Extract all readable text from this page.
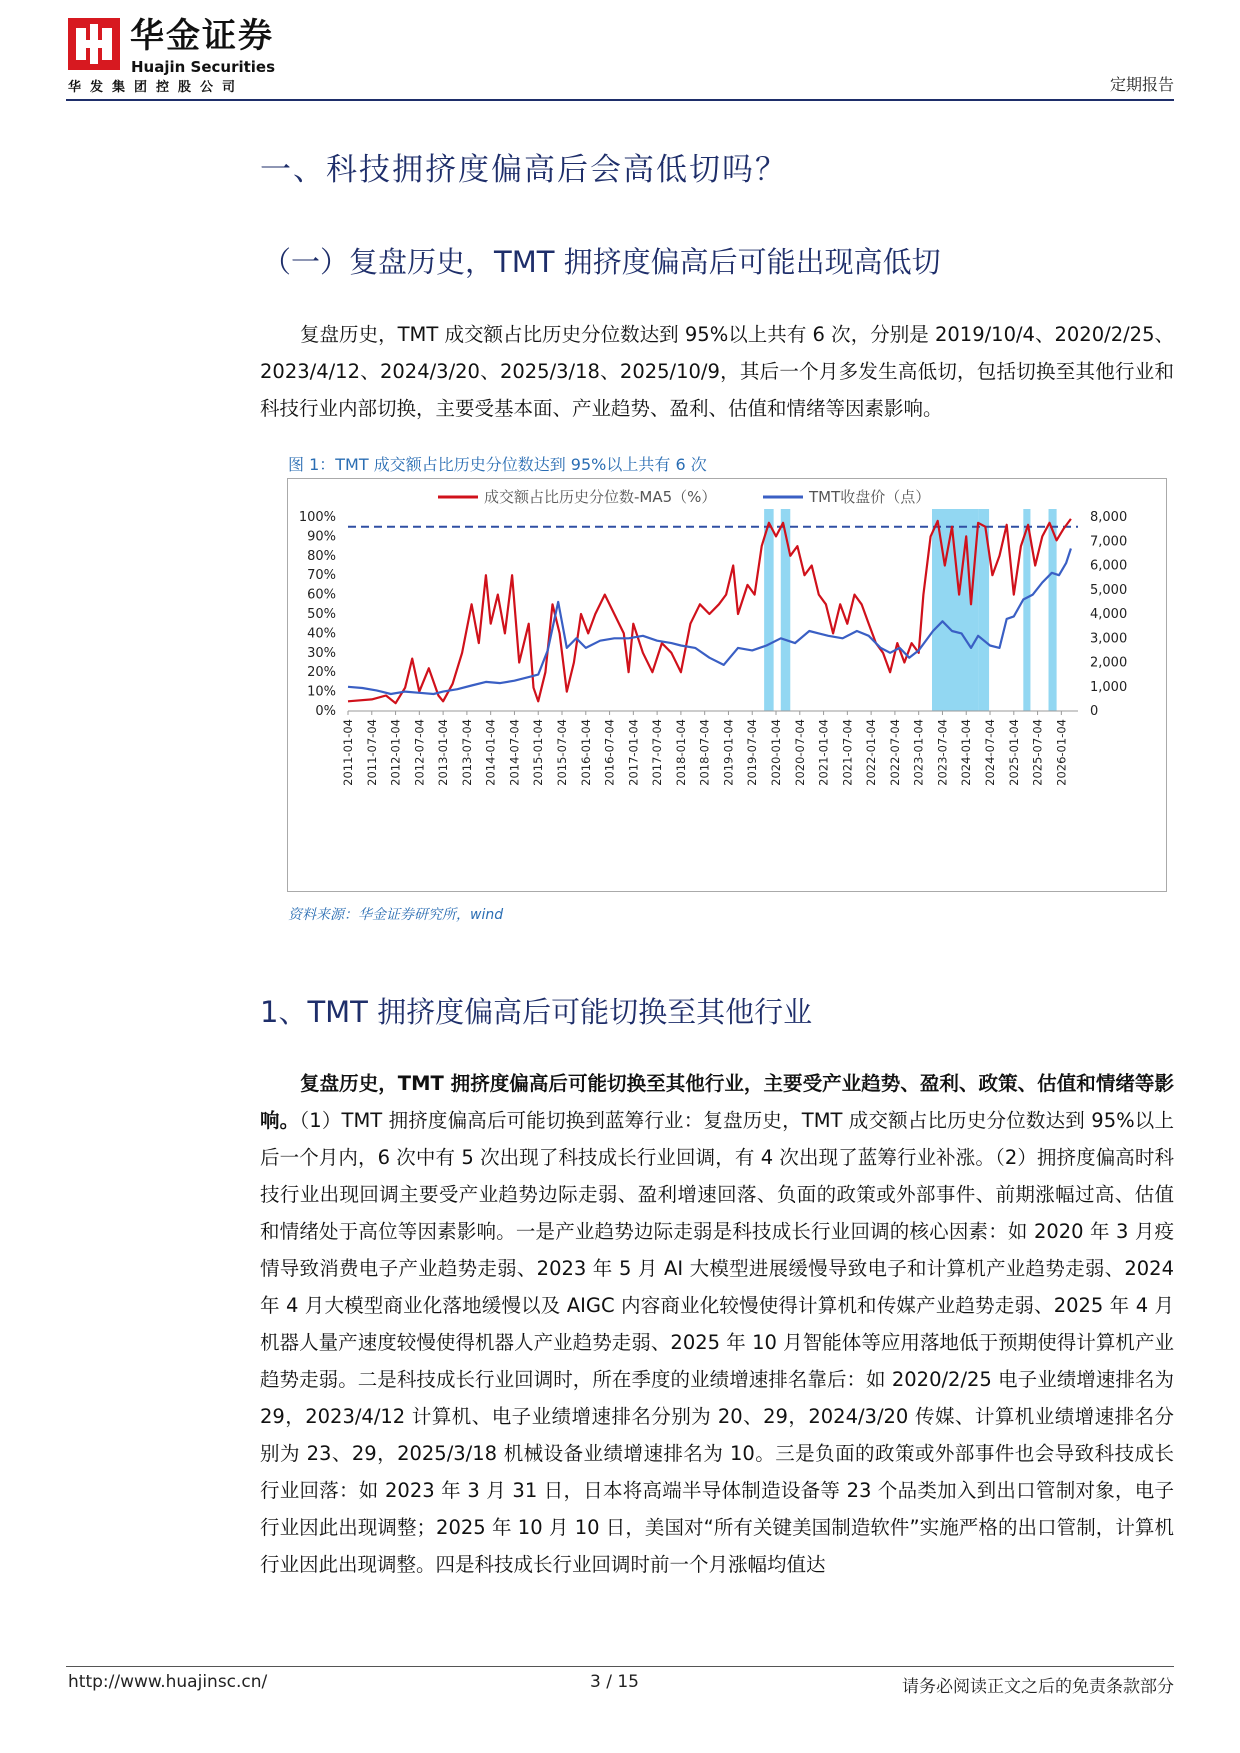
华金证券
Huajin Securities
华发集团控股公司	定期报告
一、科技拥挤度偏高后会高低切吗？
（一）复盘历史，TMT 拥挤度偏高后可能出现高低切

复盘历史，TMT 成交额占比历史分位数达到 95%以上共有 6 次，分别是 2019/10/4、2020/2/25、2023/4/12、2024/3/20、2025/3/18、2025/10/9，其后一个月多发生高低切，包括切换至其他行业和科技行业内部切换，主要受基本面、产业趋势、盈利、估值和情绪等因素影响。

图 1：TMT 成交额占比历史分位数达到 95%以上共有 6 次
2011-01-04 2011-07-04 2012-01-04 2012-07-04 2013-01-04 2013-07-04 2014-01-04 2014-07-04 2015-01-04 2015-07-04 2016-01-04 2016-07-04 2017-01-04 2017-07-04 2018-01-04 2018-07-04 2019-01-04 2019-07-04 2020-01-04 2020-07-04 2021-01-04 2021-07-04 2022-01-04 2022-07-04 2023-01-04 2023-07-04 2024-01-04 2024-07-04 2025-01-04 2025-07-04 2026-01-04
0%
10%
20%
30%
40%
50%
60%
70%
80%
90%
100%
0
1,000
2,000
3,000
4,000
5,000
6,000
7,000
8,000
成交额占比历史分位数-MA5（%）	TMT收盘价（点）
资料来源：华金证券研究所，wind
1、TMT 拥挤度偏高后可能切换至其他行业

复盘历史，TMT 拥挤度偏高后可能切换至其他行业，主要受产业趋势、盈利、政策、估值和情绪等影响。（1）TMT 拥挤度偏高后可能切换到蓝筹行业：复盘历史，TMT 成交额占比历史分位数达到 95%以上后一个月内，6 次中有 5 次出现了科技成长行业回调，有 4 次出现了蓝筹行业补涨。（2）拥挤度偏高时科技行业出现回调主要受产业趋势边际走弱、盈利增速回落、负面的政策或外部事件、前期涨幅过高、估值和情绪处于高位等因素影响。一是产业趋势边际走弱是科技成长行业回调的核心因素：如 2020 年 3 月疫情导致消费电子产业趋势走弱、2023 年 5 月 AI 大模型进展缓慢导致电子和计算机产业趋势走弱、2024 年 4 月大模型商业化落地缓慢以及 AIGC 内容商业化较慢使得计算机和传媒产业趋势走弱、2025 年 4 月机器人量产速度较慢使得机器人产业趋势走弱、2025 年 10 月智能体等应用落地低于预期使得计算机产业趋势走弱。二是科技成长行业回调时，所在季度的业绩增速排名靠后：如 2020/2/25 电子业绩增速排名为 29，2023/4/12 计算机、电子业绩增速排名分别为 20、29，2024/3/20 传媒、计算机业绩增速排名分别为 23、29，2025/3/18 机械设备业绩增速排名为 10。三是负面的政策或外部事件也会导致科技成长行业回落：如 2023 年 3 月 31 日，日本将高端半导体制造设备等 23 个品类加入到出口管制对象，电子行业因此出现调整；2025 年 10 月 10 日，美国对“所有关键美国制造软件”实施严格的出口管制，计算机行业因此出现调整。四是科技成长行业回调时前一个月涨幅均值达

http://www.huajinsc.cn/	3 / 15	请务必阅读正文之后的免责条款部分
